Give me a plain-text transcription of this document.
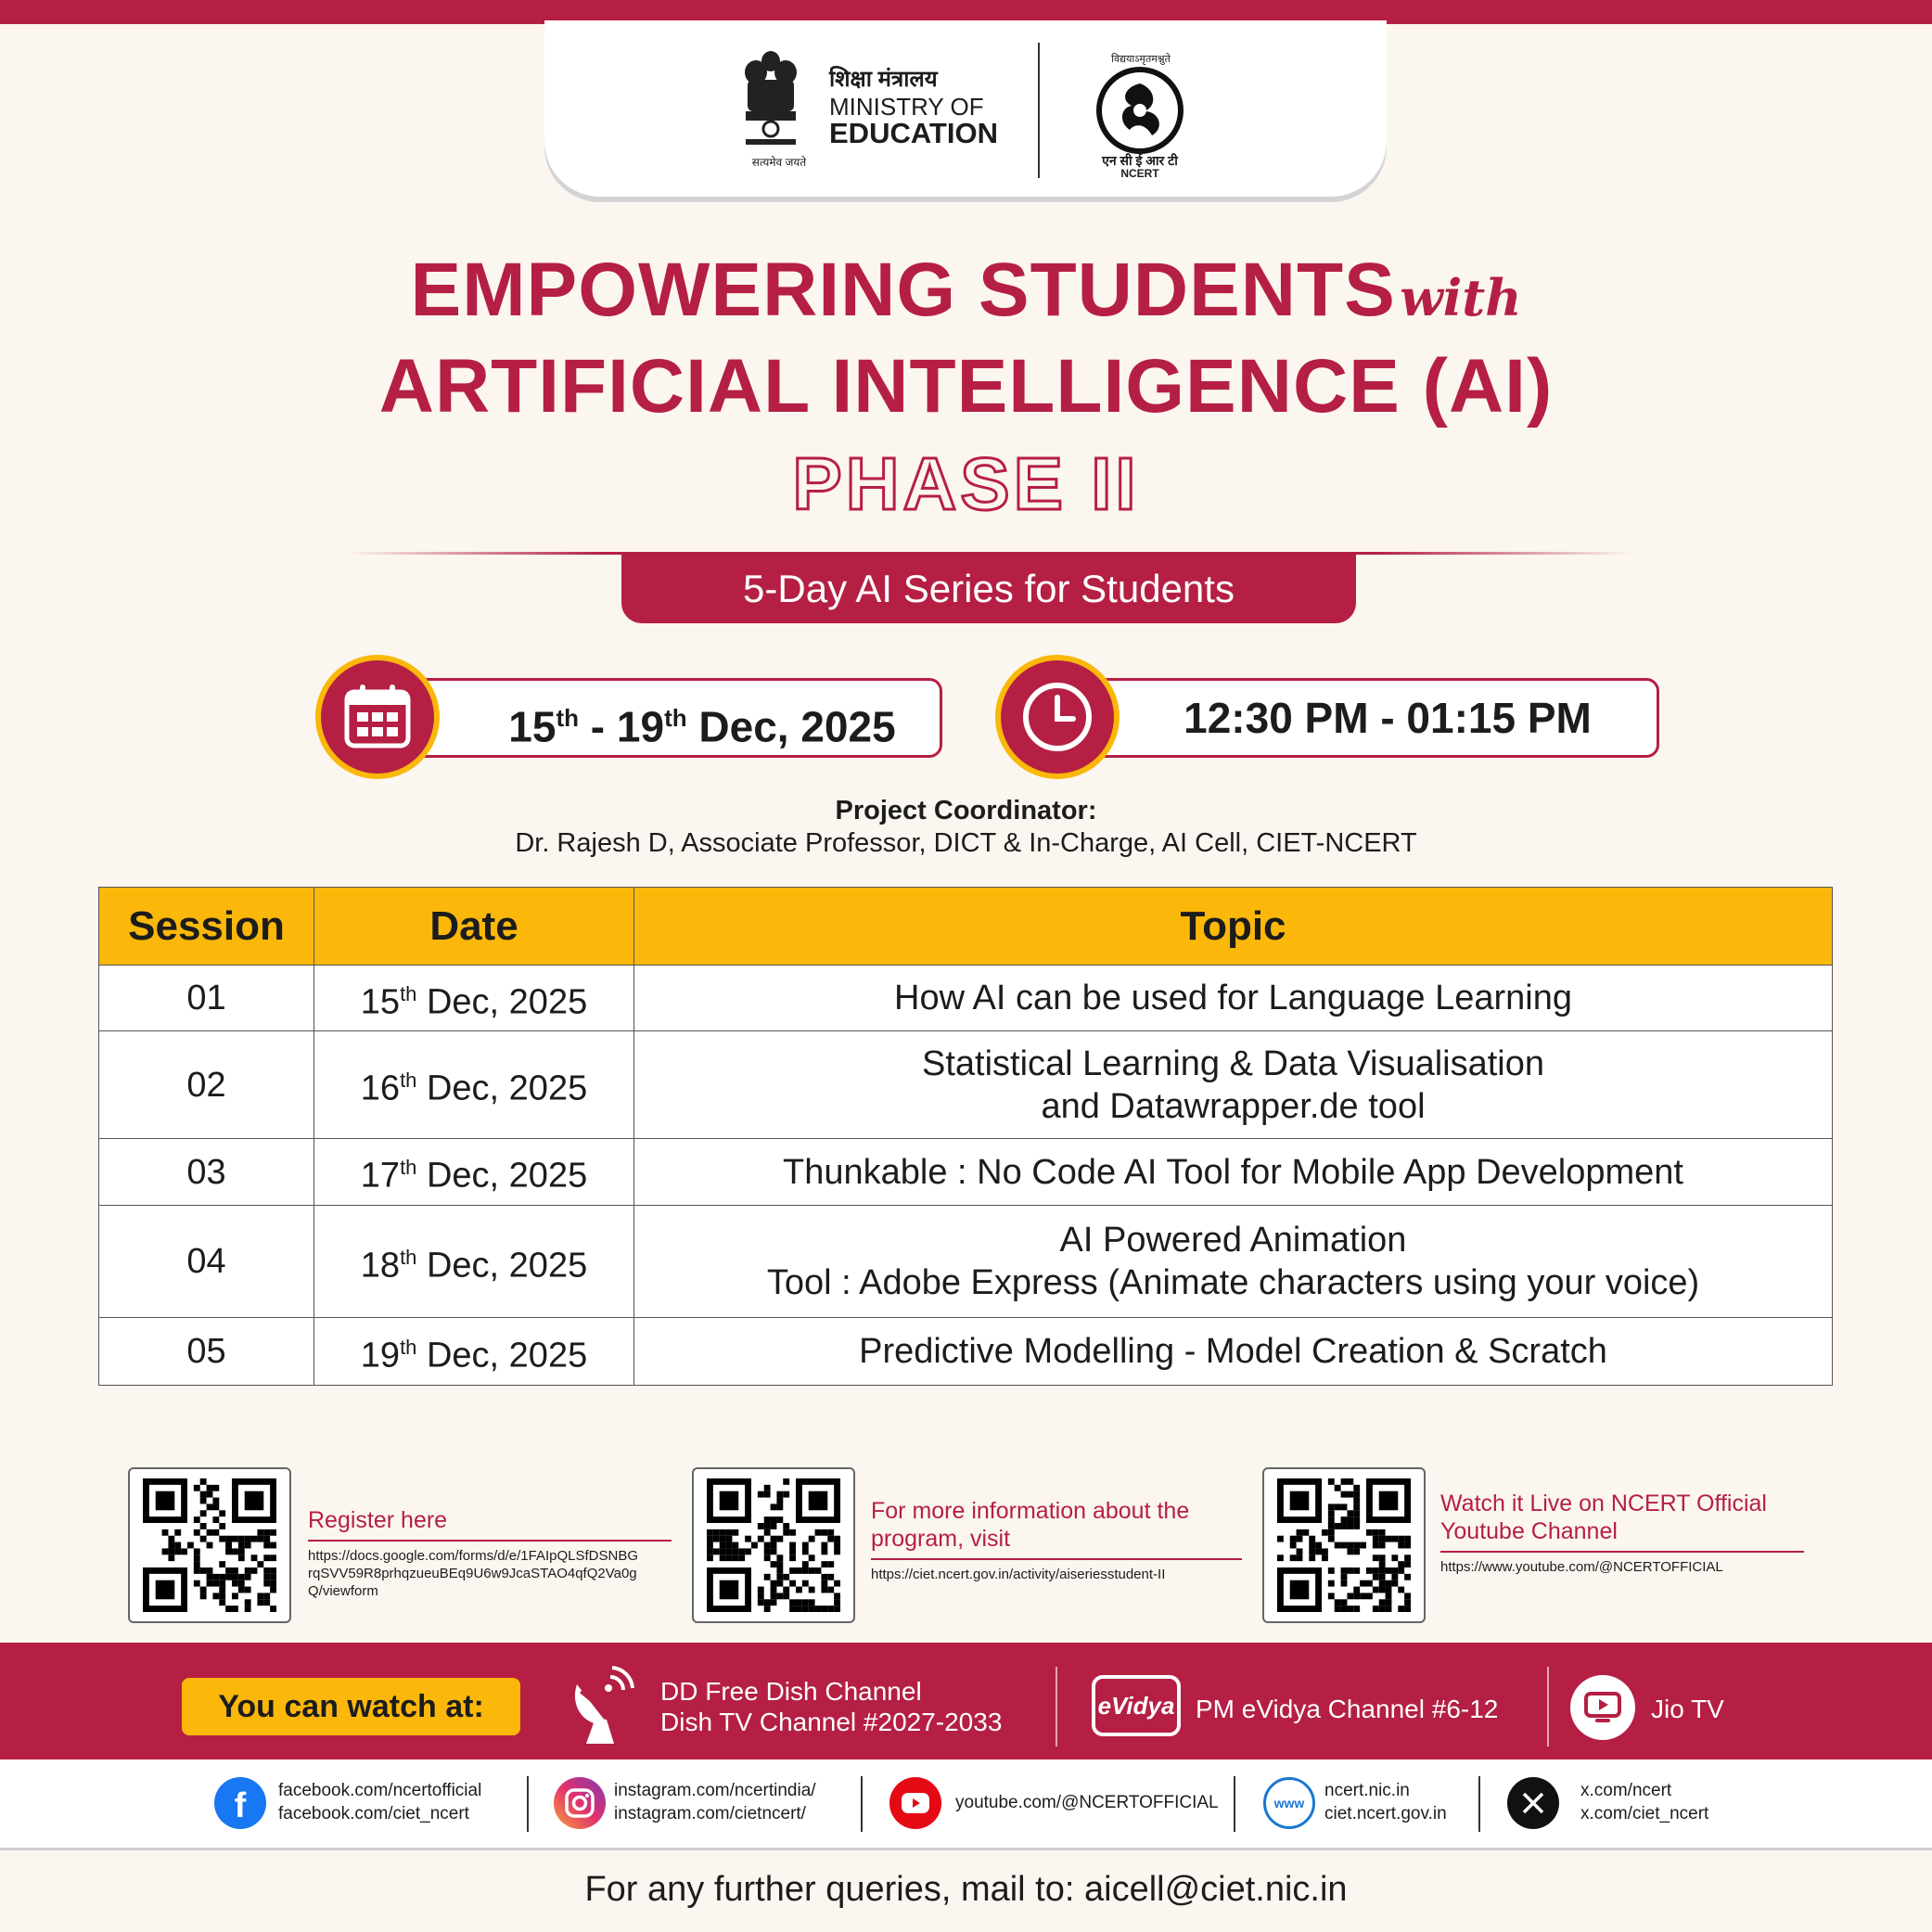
सत्यमेव जयते
शिक्षा मंत्रालय
MINISTRY OF
EDUCATION
विद्ययाऽमृतमश्नुते
एन सी ई आर टी
NCERT
EMPOWERING STUDENTS with
ARTIFICIAL INTELLIGENCE (AI)
PHASE II
5-Day AI Series for Students
15th - 19th Dec, 2025	12:30 PM - 01:15 PM
Project Coordinator:
Dr. Rajesh D, Associate Professor, DICT & In-Charge, AI Cell, CIET-NCERT
Session	Date	Topic
01	15th Dec, 2025	How AI can be used for Language Learning

02	16th Dec, 2025	Statistical Learning & Data Visualisation
and Datawrapper.de tool

03	17th Dec, 2025	Thunkable : No Code AI Tool for Mobile App Development

04	18th Dec, 2025	AI Powered Animation
Tool : Adobe Express (Animate characters using your voice)

05	19th Dec, 2025	Predictive Modelling - Model Creation & Scratch
Register here
https://docs.google.com/forms/d/e/1FAIpQLSfDSNBGrqSVV59R8prhqzueuBEq9U6w9JcaSTAO4qfQ2Va0gQ/viewform
For more information about the program, visit
https://ciet.ncert.gov.in/activity/aiseriesstudent-II
Watch it Live on NCERT Official Youtube Channel
https://www.youtube.com/@NCERTOFFICIAL
You can watch at:	DD Free Dish Channel
Dish TV Channel #2027-2033
eVidya PM eVidya Channel #6-12	Jio TV
f facebook.com/ncertofficial
facebook.com/ciet_ncert
instagram.com/ncertindia/
instagram.com/cietncert/
youtube.com/@NCERTOFFICIAL	www
ncert.nic.in
ciet.ncert.gov.in
x.com/ncert
x.com/ciet_ncert
For any further queries, mail to: aicell@ciet.nic.in
